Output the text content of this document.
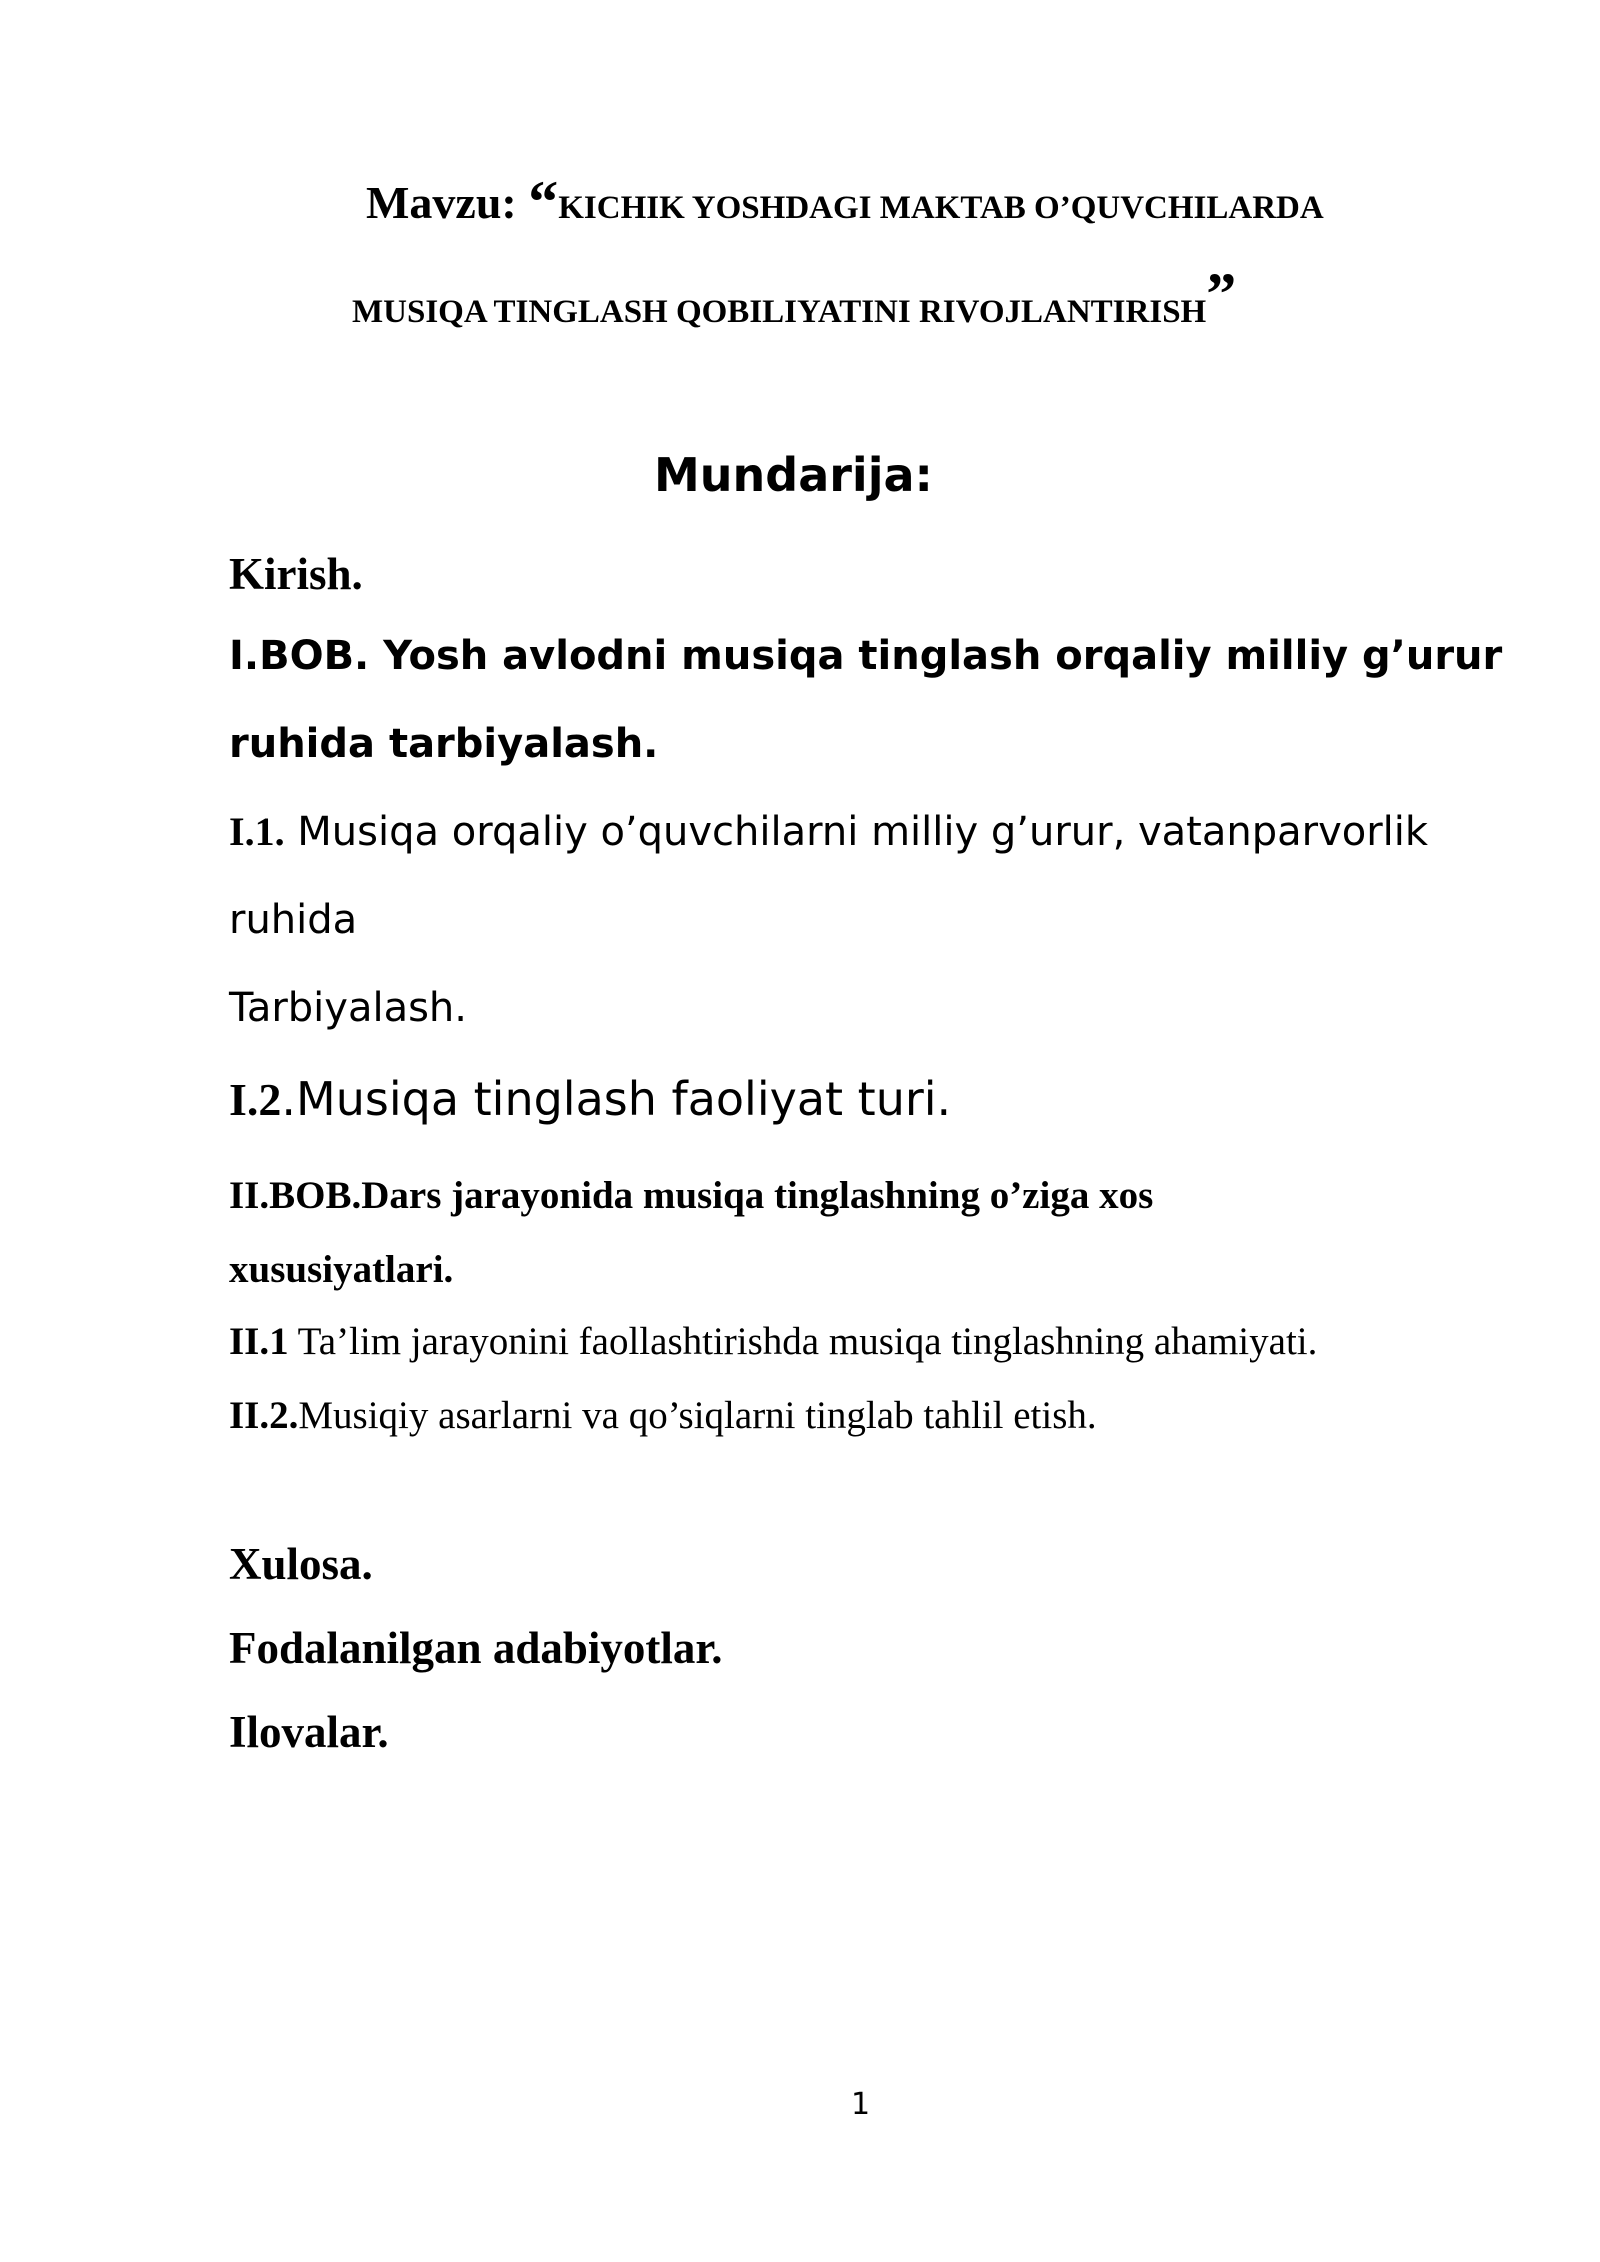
Mavzu: “KICHIK YOSHDAGI MAKTAB O’QUVCHILARDA

MUSIQA TINGLASH QOBILIYATINI RIVOJLANTIRISH”

Mundarija:

Kirish.

I.BOB. Yosh avlodni musiqa tinglash orqaliy milliy g’urur

ruhida tarbiyalash.

I.1. Musiqa orqaliy o’quvchilarni milliy g’urur, vatanparvorlik

ruhida

Tarbiyalash.

I.2.Musiqa tinglash faoliyat turi.

II.BOB.Dars jarayonida musiqa tinglashning o’ziga xos

xususiyatlari.

II.1 Ta’lim jarayonini faollashtirishda musiqa tinglashning ahamiyati.

II.2.Musiqiy asarlarni va qo’siqlarni tinglab tahlil etish.

Xulosa.

Fodalanilgan adabiyotlar.

Ilovalar.

1
